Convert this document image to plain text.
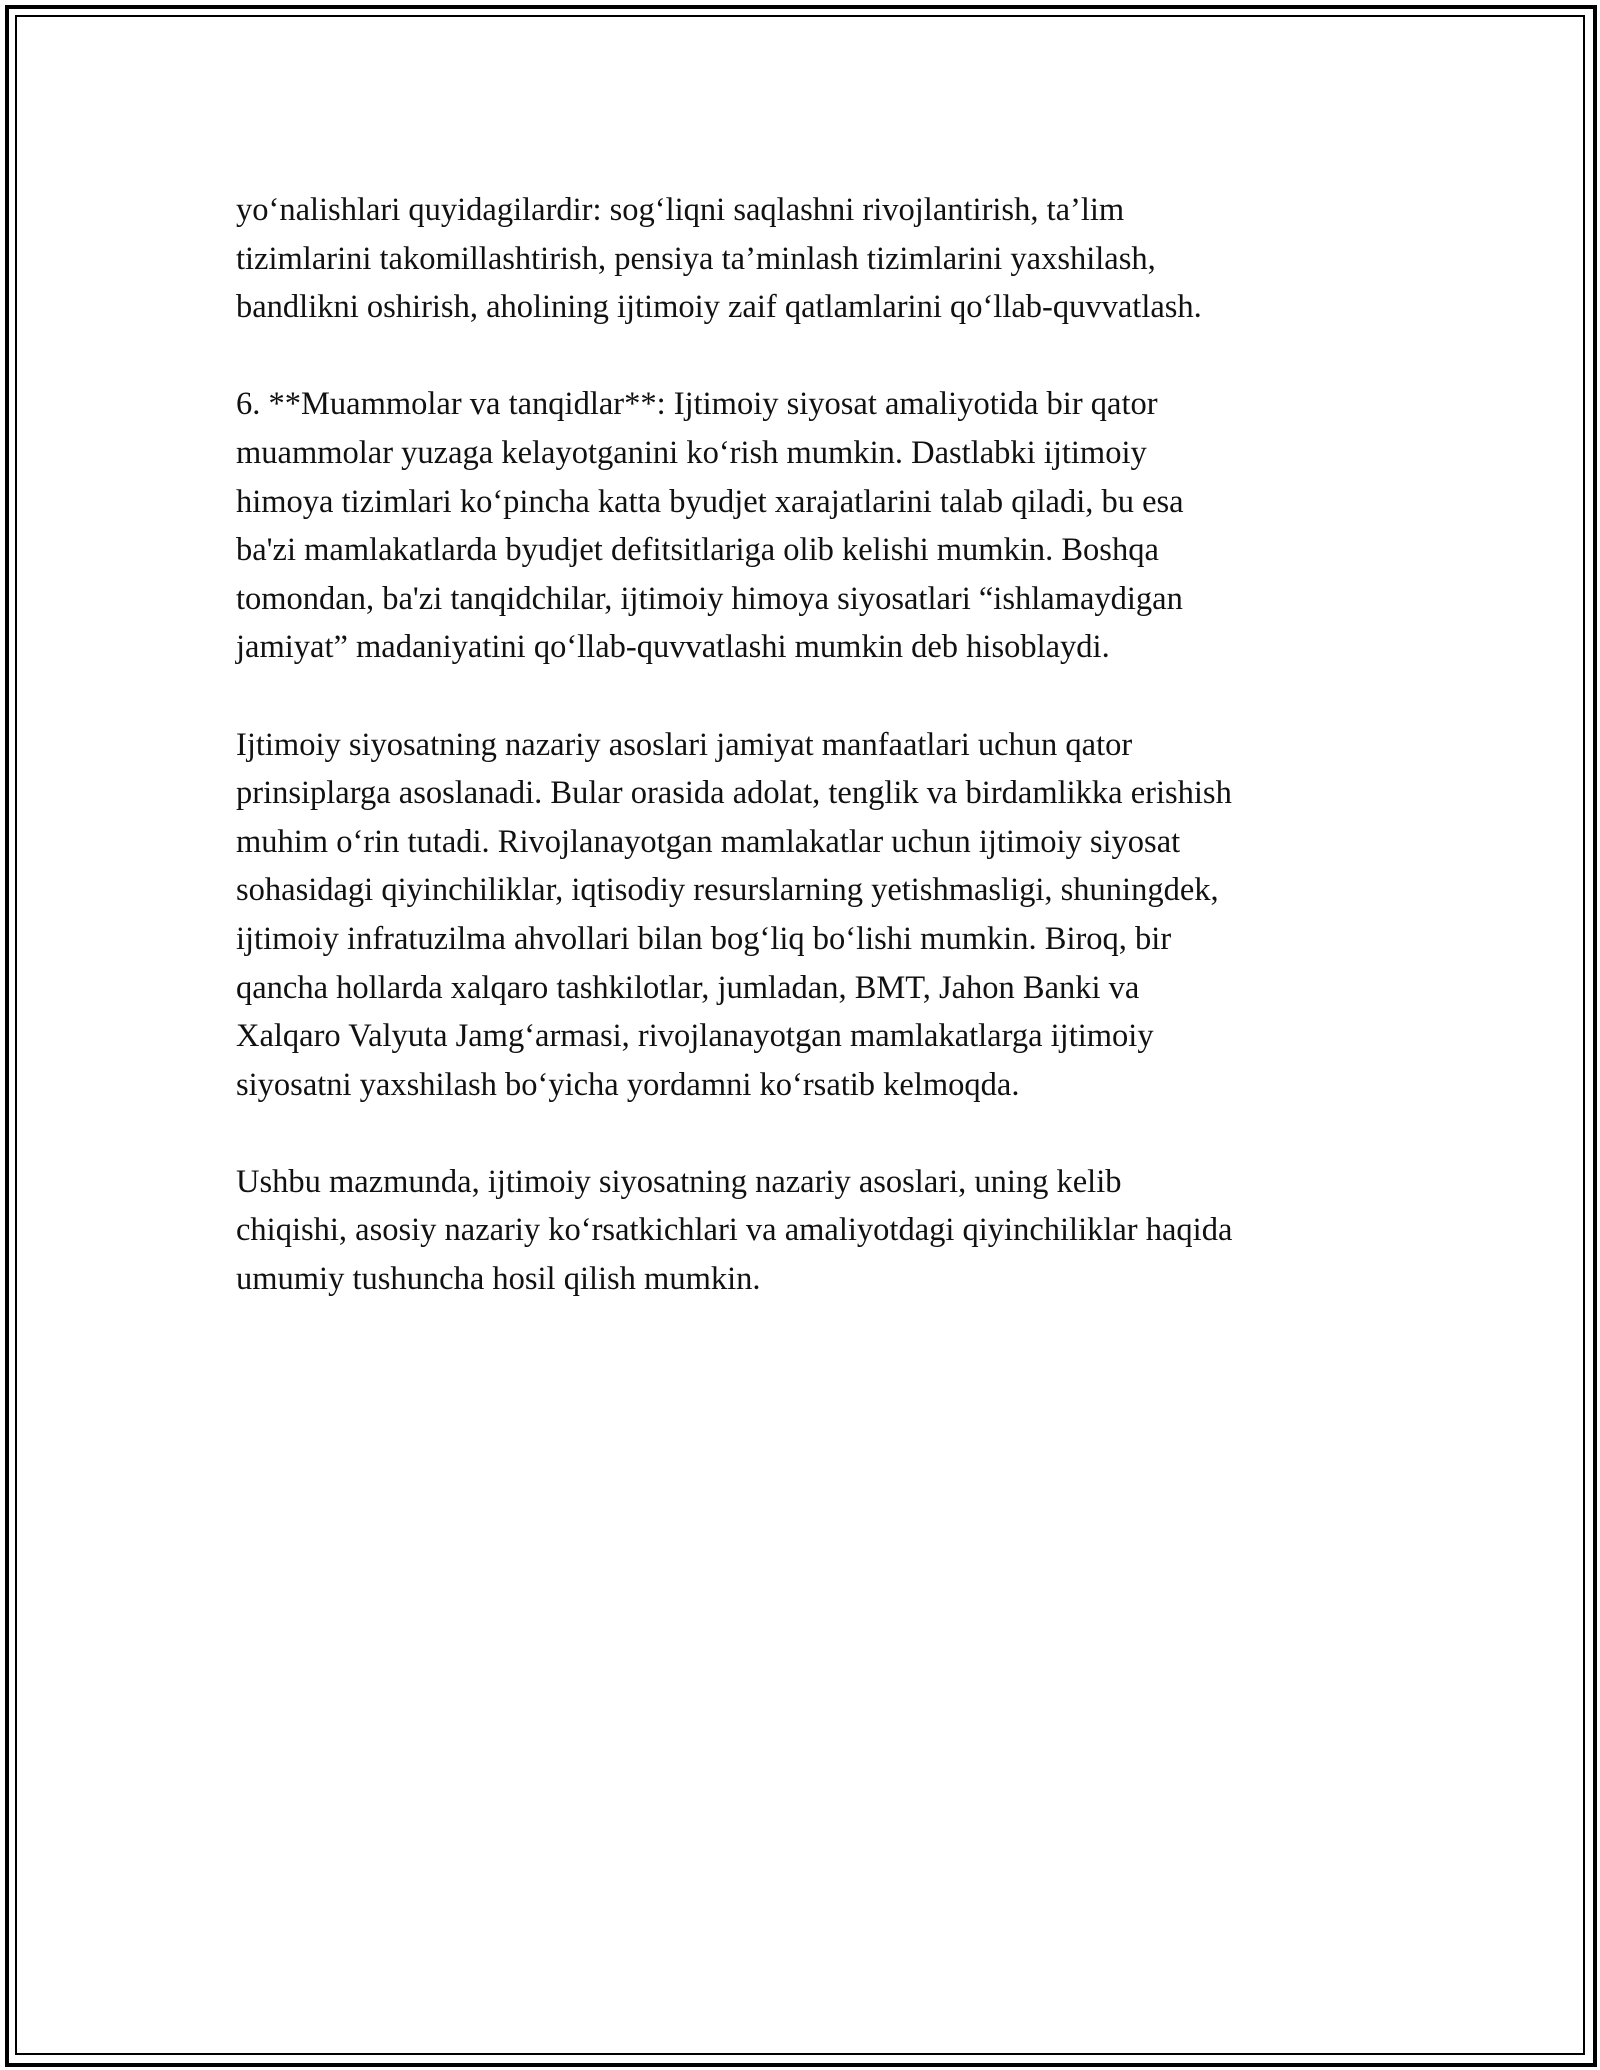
yo‘nalishlari quyidagilardir: sog‘liqni saqlashni rivojlantirish, ta’lim
tizimlarini takomillashtirish, pensiya ta’minlash tizimlarini yaxshilash,
bandlikni oshirish, aholining ijtimoiy zaif qatlamlarini qo‘llab-quvvatlash.
6. **Muammolar va tanqidlar**: Ijtimoiy siyosat amaliyotida bir qator
muammolar yuzaga kelayotganini ko‘rish mumkin. Dastlabki ijtimoiy
himoya tizimlari ko‘pincha katta byudjet xarajatlarini talab qiladi, bu esa
ba'zi mamlakatlarda byudjet defitsitlariga olib kelishi mumkin. Boshqa
tomondan, ba'zi tanqidchilar, ijtimoiy himoya siyosatlari “ishlamaydigan
jamiyat” madaniyatini qo‘llab-quvvatlashi mumkin deb hisoblaydi.
Ijtimoiy siyosatning nazariy asoslari jamiyat manfaatlari uchun qator
prinsiplarga asoslanadi. Bular orasida adolat, tenglik va birdamlikka erishish
muhim o‘rin tutadi. Rivojlanayotgan mamlakatlar uchun ijtimoiy siyosat
sohasidagi qiyinchiliklar, iqtisodiy resurslarning yetishmasligi, shuningdek,
ijtimoiy infratuzilma ahvollari bilan bog‘liq bo‘lishi mumkin. Biroq, bir
qancha hollarda xalqaro tashkilotlar, jumladan, BMT, Jahon Banki va
Xalqaro Valyuta Jamg‘armasi, rivojlanayotgan mamlakatlarga ijtimoiy
siyosatni yaxshilash bo‘yicha yordamni ko‘rsatib kelmoqda.
Ushbu mazmunda, ijtimoiy siyosatning nazariy asoslari, uning kelib
chiqishi, asosiy nazariy ko‘rsatkichlari va amaliyotdagi qiyinchiliklar haqida
umumiy tushuncha hosil qilish mumkin.
